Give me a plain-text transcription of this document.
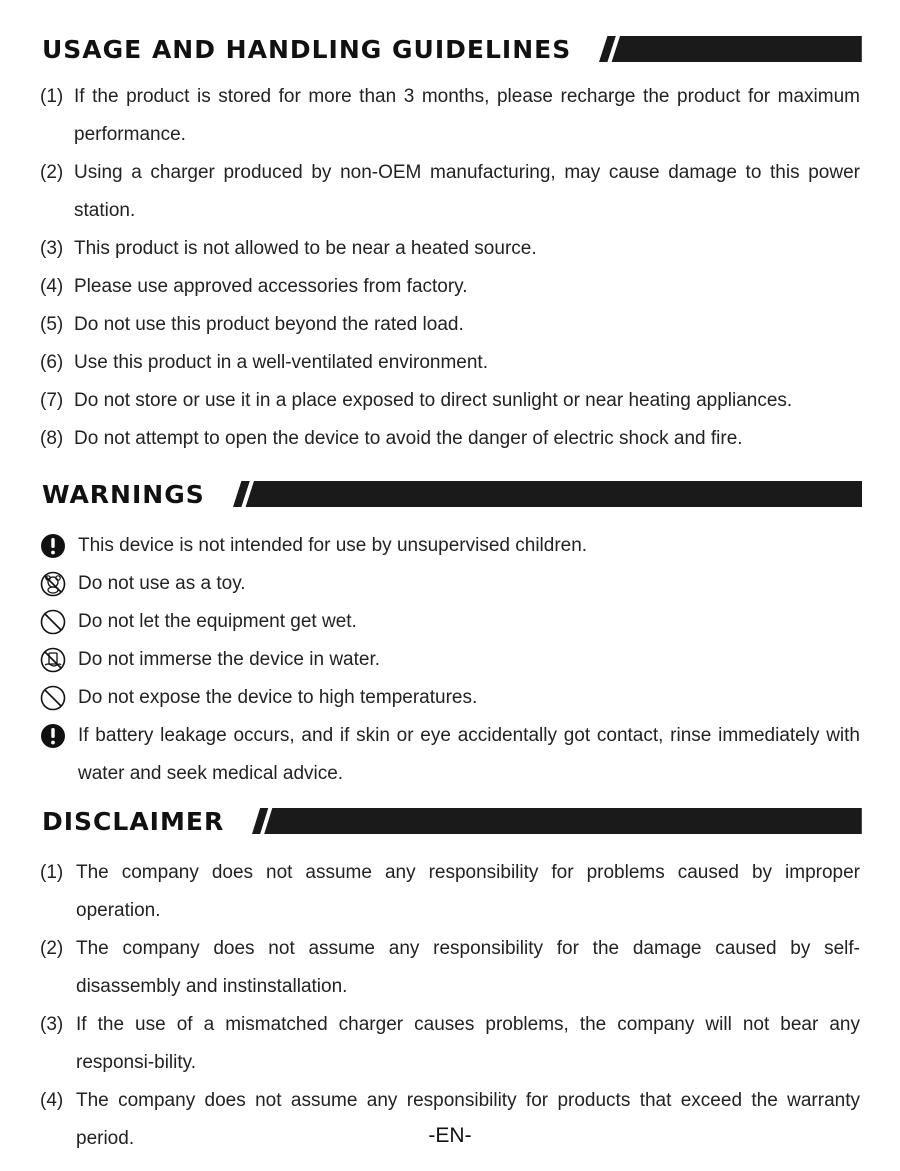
USAGE AND HANDLING GUIDELINES
(1) If the product is stored for more than 3 months, please recharge the product for maximum performance.
(2) Using a charger produced by non-OEM manufacturing, may cause damage to this power station.
(3) This product is not allowed to be near a heated source.
(4) Please use approved accessories from factory.
(5) Do not use this product beyond the rated load.
(6) Use this product in a well-ventilated environment.
(7) Do not store or use it in a place exposed to direct sunlight or near heating appliances.
(8) Do not attempt to open the device to avoid the danger of electric shock and fire.
WARNINGS
This device is not intended for use by unsupervised children.
Do not use as a toy.
Do not let the equipment get wet.
Do not immerse the device in water.
Do not expose the device to high temperatures.
If battery leakage occurs, and if skin or eye accidentally got contact, rinse immediately with water and seek medical advice.
DISCLAIMER
(1) The company does not assume any responsibility for problems caused by improper operation.
(2) The company does not assume any responsibility for the damage caused by self-disassembly and instinstallation.
(3) If the use of a mismatched charger causes problems, the company will not bear any responsi-bility.
(4) The company does not assume any responsibility for products that exceed the warranty period.	-EN-
